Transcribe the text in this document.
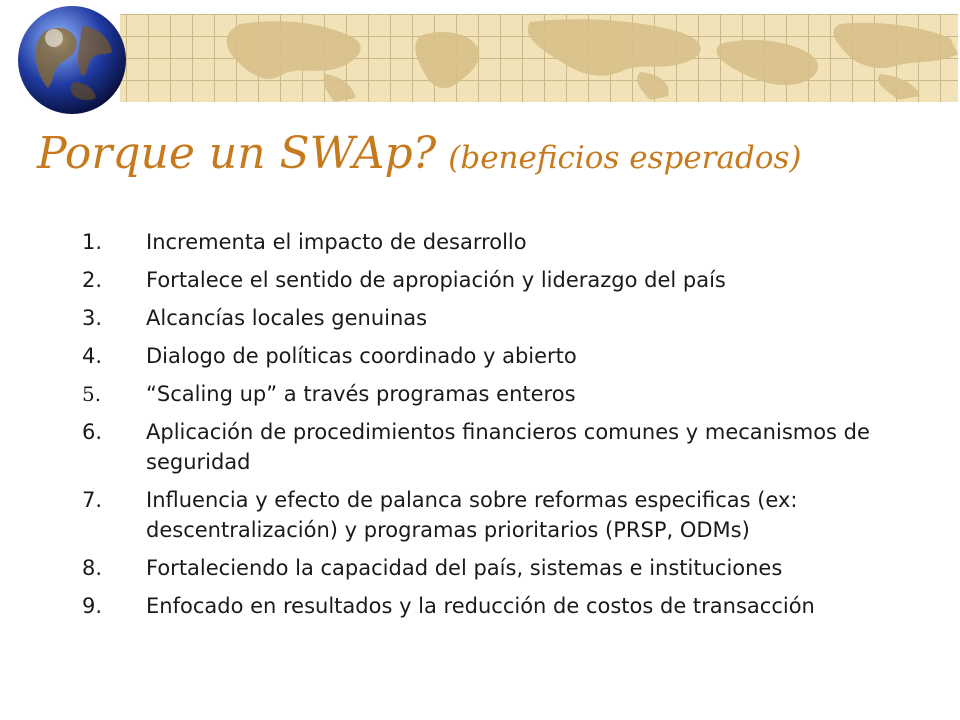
Porque un SWAp? (beneficios esperados)
1.	Incrementa el impacto de desarrollo
2.	Fortalece el sentido de apropiación y liderazgo del país
3.	Alcancías locales genuinas
4.	Dialogo de políticas coordinado y abierto
5.	“Scaling up” a través programas enteros
6.	Aplicación de procedimientos financieros comunes y mecanismos de seguridad
7.	Influencia y efecto de palanca sobre reformas especificas (ex: descentralización) y programas prioritarios (PRSP, ODMs)
8.	Fortaleciendo la capacidad del país, sistemas e instituciones
9.	Enfocado en resultados y la reducción de costos de transacción
